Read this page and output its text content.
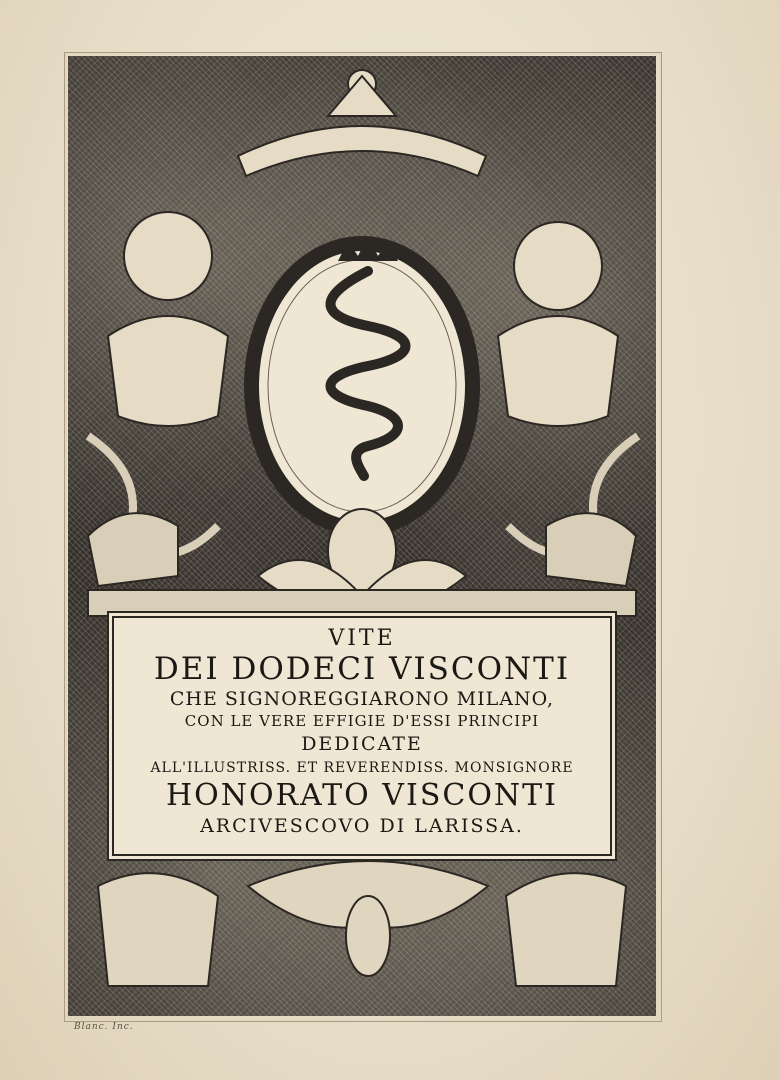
VITE
DEI DODECI VISCONTI
CHE SIGNOREGGIARONO MILANO,
CON LE VERE EFFIGIE D'ESSI PRINCIPI
DEDICATE
ALL'ILLUSTRISS. ET REVERENDISS. MONSIGNORE
HONORATO VISCONTI
ARCIVESCOVO DI LARISSA.
Blanc. Inc.
